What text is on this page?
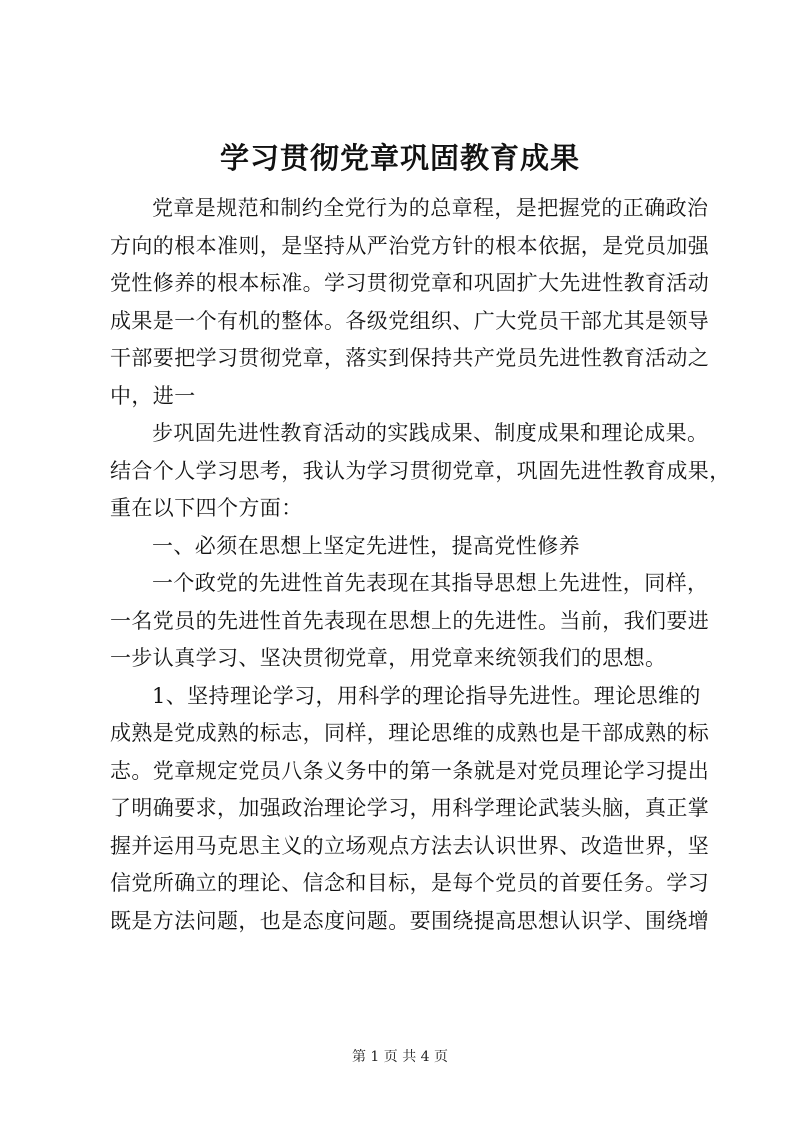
学习贯彻党章巩固教育成果
党章是规范和制约全党行为的总章程，是把握党的正确政治
方向的根本准则，是坚持从严治党方针的根本依据，是党员加强
党性修养的根本标准。学习贯彻党章和巩固扩大先进性教育活动
成果是一个有机的整体。各级党组织、广大党员干部尤其是领导
干部要把学习贯彻党章，落实到保持共产党员先进性教育活动之
中，进一
步巩固先进性教育活动的实践成果、制度成果和理论成果。
结合个人学习思考，我认为学习贯彻党章，巩固先进性教育成果，
重在以下四个方面：
一、必须在思想上坚定先进性，提高党性修养
一个政党的先进性首先表现在其指导思想上先进性，同样，
一名党员的先进性首先表现在思想上的先进性。当前，我们要进
一步认真学习、坚决贯彻党章，用党章来统领我们的思想。
1、坚持理论学习，用科学的理论指导先进性。理论思维的
成熟是党成熟的标志，同样，理论思维的成熟也是干部成熟的标
志。党章规定党员八条义务中的第一条就是对党员理论学习提出
了明确要求，加强政治理论学习，用科学理论武装头脑，真正掌
握并运用马克思主义的立场观点方法去认识世界、改造世界，坚
信党所确立的理论、信念和目标，是每个党员的首要任务。学习
既是方法问题，也是态度问题。要围绕提高思想认识学、围绕增
第 1 页 共 4 页
